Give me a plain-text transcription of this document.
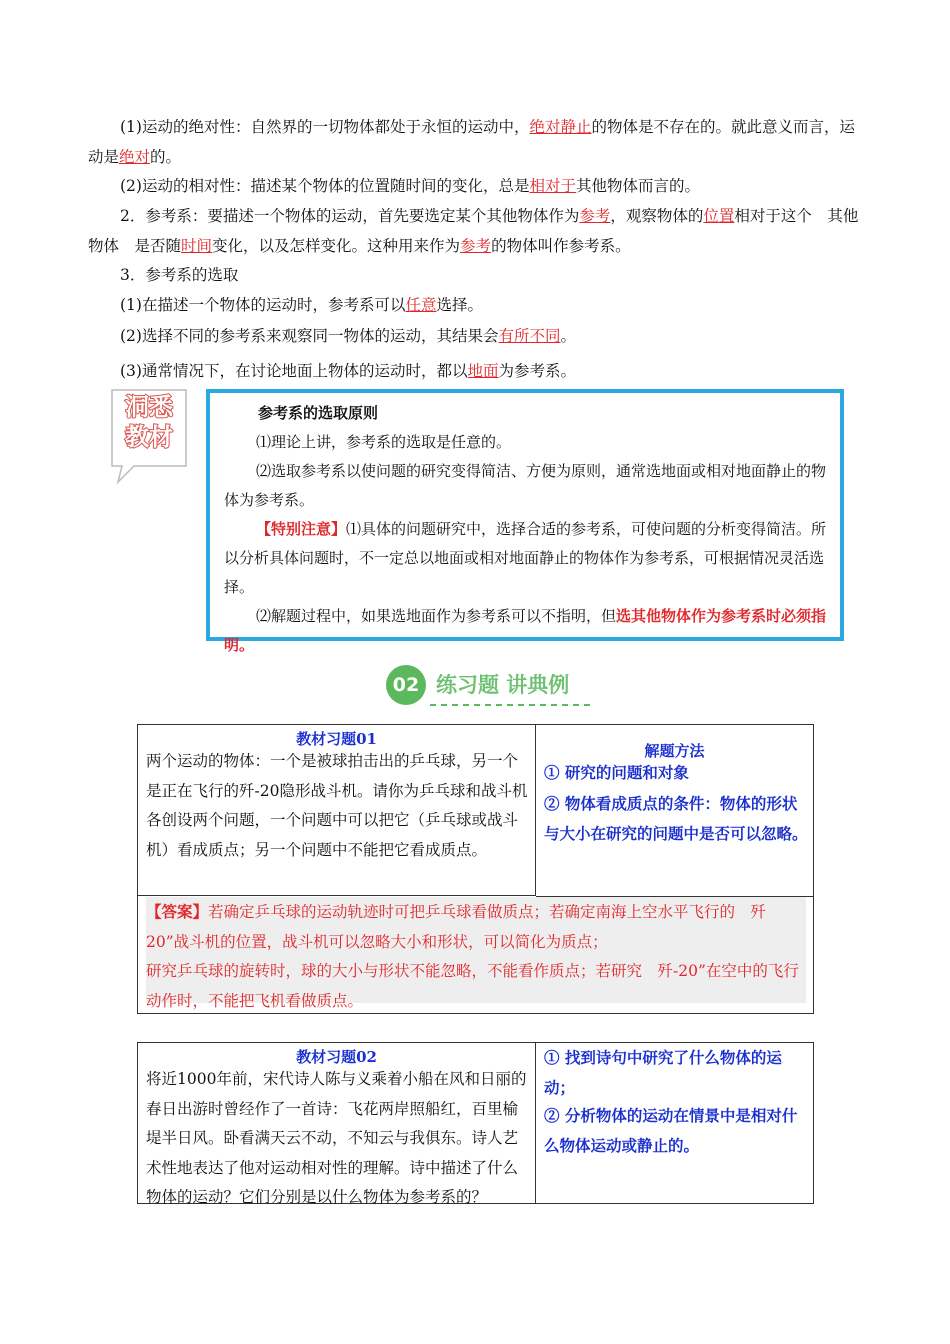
(1)运动的绝对性：自然界的一切物体都处于永恒的运动中，绝对静止的物体是不存在的。就此意义而言，运动是绝对的。

(2)运动的相对性：描述某个物体的位置随时间的变化，总是相对于其他物体而言的。

2．参考系：要描述一个物体的运动，首先要选定某个其他物体作为参考，观察物体的位置相对于这个　其他物体　是否随时间变化，以及怎样变化。这种用来作为参考的物体叫作参考系。

3．参考系的选取

(1)在描述一个物体的运动时，参考系可以任意选择。

(2)选择不同的参考系来观察同一物体的运动，其结果会有所不同。

(3)通常情况下，在讨论地面上物体的运动时，都以地面为参考系。

洞悉
教材

参考系的选取原则

⑴理论上讲，参考系的选取是任意的。

⑵选取参考系以使问题的研究变得简洁、方便为原则，通常选地面或相对地面静止的物体为参考系。

【特别注意】⑴具体的问题研究中，选择合适的参考系，可使问题的分析变得简洁。所以分析具体问题时，不一定总以地面或相对地面静止的物体作为参考系，可根据情况灵活选择。

⑵解题过程中，如果选地面作为参考系可以不指明，但选其他物体作为参考系时必须指明。

02 练习题 讲典例
教材习题01
两个运动的物体：一个是被球拍击出的乒乓球，另一个是正在飞行的歼-20隐形战斗机。请你为乒乓球和战斗机各创设两个问题，一个问题中可以把它（乒乓球或战斗机）看成质点；另一个问题中不能把它看成质点。
解题方法
① 研究的问题和对象
② 物体看成质点的条件：物体的形状与大小在研究的问题中是否可以忽略。
【答案】若确定乒乓球的运动轨迹时可把乒乓球看做质点；若确定南海上空水平飞行的　歼20”战斗机的位置，战斗机可以忽略大小和形状，可以简化为质点；
研究乒乓球的旋转时，球的大小与形状不能忽略，不能看作质点；若研究　歼-20”在空中的飞行动作时，不能把飞机看做质点。
教材习题02
将近1000年前，宋代诗人陈与义乘着小船在风和日丽的春日出游时曾经作了一首诗：飞花两岸照船红，百里榆堤半日风。卧看满天云不动，不知云与我俱东。诗人艺术性地表达了他对运动相对性的理解。诗中描述了什么物体的运动？它们分别是以什么物体为参考系的？
① 找到诗句中研究了什么物体的运动；
② 分析物体的运动在情景中是相对什么物体运动或静止的。
